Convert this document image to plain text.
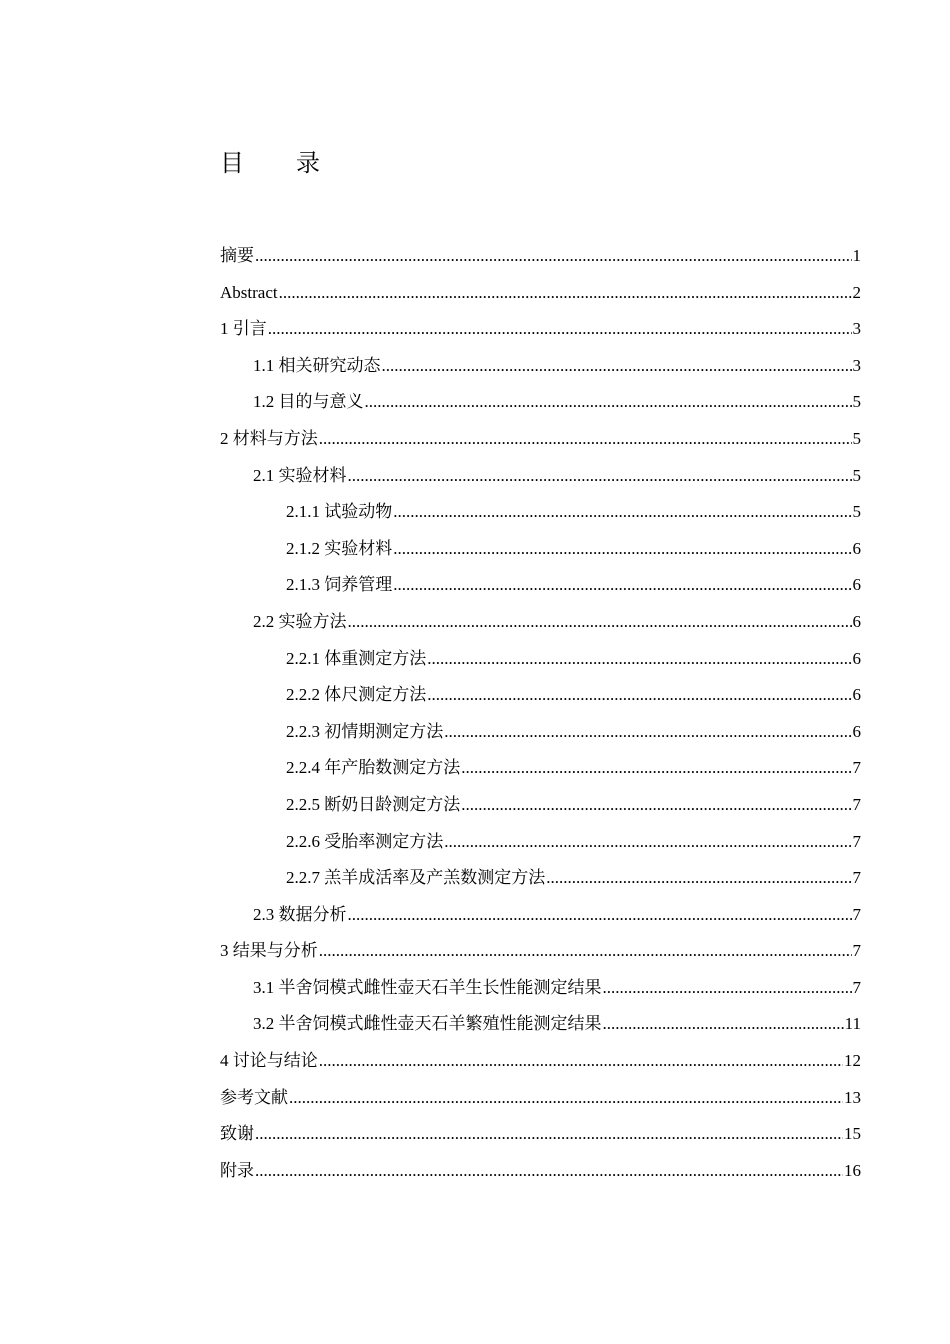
目 录
摘要 .....	1
Abstract .....	2
1 引言 .....	3
1.1 相关研究动态 .....	3
1.2 目的与意义 .....	5
2 材料与方法 .....	5
2.1 实验材料 .....	5
2.1.1 试验动物 .....	5
2.1.2 实验材料 .....	6
2.1.3 饲养管理 .....	6
2.2 实验方法 .....	6
2.2.1 体重测定方法 .....	6
2.2.2 体尺测定方法 .....	6
2.2.3 初情期测定方法 .....	6
2.2.4 年产胎数测定方法 .....	7
2.2.5 断奶日龄测定方法 .....	7
2.2.6 受胎率测定方法 .....	7
2.2.7 羔羊成活率及产羔数测定方法 .....	7
2.3 数据分析 .....	7
3 结果与分析 .....	7
3.1 半舍饲模式雌性壶天石羊生长性能测定结果 .....	7
3.2 半舍饲模式雌性壶天石羊繁殖性能测定结果 .....	11
4 讨论与结论 .....	12
参考文献 .....	13
致谢 .....	15
附录 .....	16
